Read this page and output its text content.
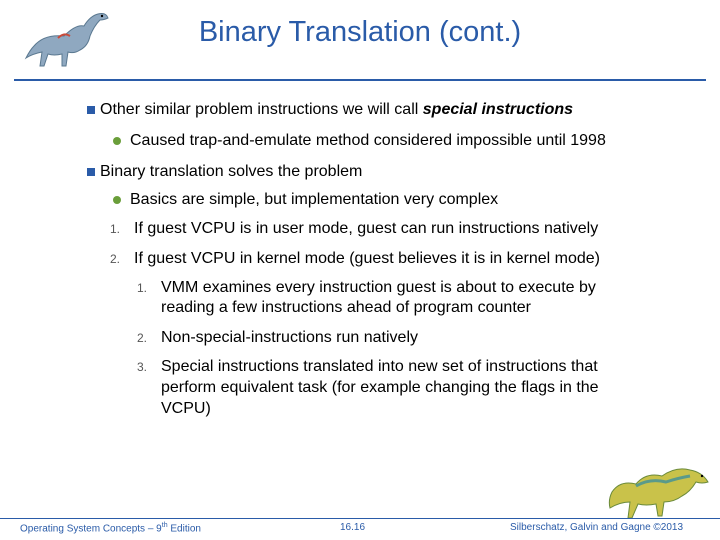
Binary Translation (cont.)
Other similar problem instructions we will call special instructions
Caused trap-and-emulate method considered impossible until 1998
Binary translation solves the problem
Basics are simple, but implementation very complex
1. If guest VCPU is in user mode, guest can run instructions natively
2. If guest VCPU in kernel mode (guest believes it is in kernel mode)
1. VMM examines every instruction guest is about to execute by
reading a few instructions ahead of program counter
2. Non-special-instructions run natively
3. Special instructions translated into new set of instructions that
perform equivalent task (for example changing the flags in the
VCPU)
Operating System Concepts – 9th Edition	16.16	Silberschatz, Galvin and Gagne ©2013
